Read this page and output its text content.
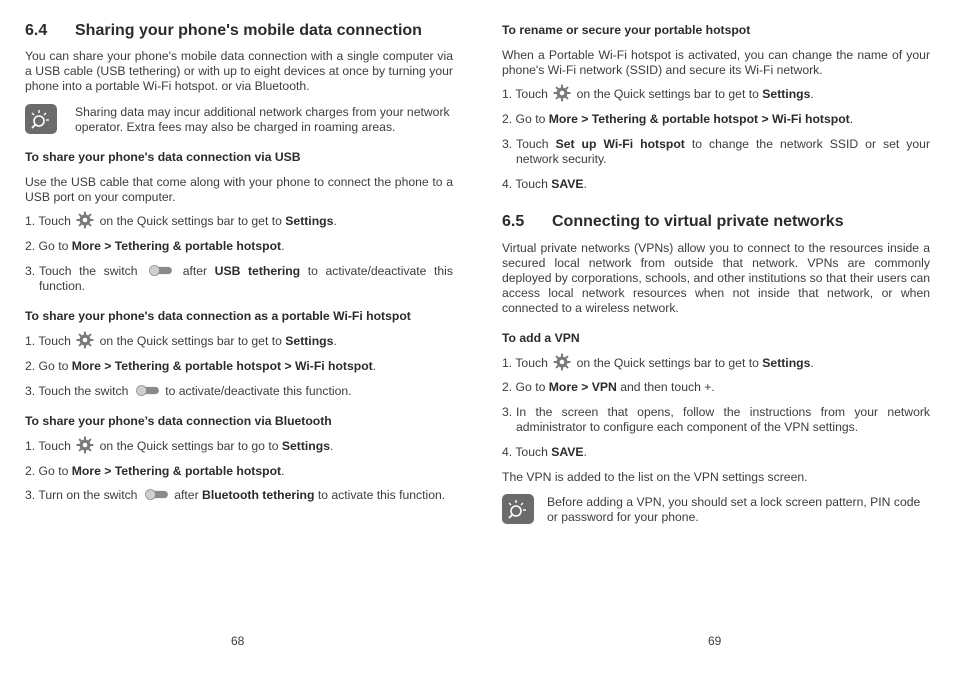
6.4 Sharing your phone's mobile data connection
You can share your phone's mobile data connection with a single computer via a USB cable (USB tethering) or with up to eight devices at once by turning your phone into a portable Wi-Fi hotspot. or via Bluetooth.
Sharing data may incur additional network charges from your network operator. Extra fees may also be charged in roaming areas.
To share your phone's data connection via USB
Use the USB cable that come along with your phone to connect the phone to a USB port on your computer.
1. Touch on the Quick settings bar to get to Settings.
2. Go to More > Tethering & portable hotspot.
3. Touch the switch	after USB tethering to activate/deactivate this
function.
To share your phone's data connection as a portable Wi-Fi hotspot
1. Touch on the Quick settings bar to get to Settings.
2. Go to More > Tethering & portable hotspot > Wi-Fi hotspot.
3. Touch the switch	to activate/deactivate this function.
To share your phone’s data connection via Bluetooth
1. Touch on the Quick settings bar to go to Settings.
2. Go to More > Tethering & portable hotspot.
3. Turn on the switch	after Bluetooth tethering to activate this function.
68
To rename or secure your portable hotspot
When a Portable Wi-Fi hotspot is activated, you can change the name of your phone's Wi-Fi network (SSID) and secure its Wi-Fi network.
1. Touch on the Quick settings bar to get to Settings.
2. Go to More > Tethering & portable hotspot > Wi-Fi hotspot.
3. Touch Set up Wi-Fi hotspot to change the network SSID or set your
network security.
4. Touch SAVE.
6.5 Connecting to virtual private networks
Virtual private networks (VPNs) allow you to connect to the resources inside a secured local network from outside that network. VPNs are commonly deployed by corporations, schools, and other institutions so that their users can access local network resources when not inside that network, or when connected to a wireless network.
To add a VPN
1. Touch on the Quick settings bar to get to Settings.
2. Go to More > VPN and then touch +.
3. In the screen that opens, follow the instructions from your network administrator to configure each component of the VPN settings.
4. Touch SAVE.
The VPN is added to the list on the VPN settings screen.
Before adding a VPN, you should set a lock screen pattern, PIN code or password for your phone.
69
